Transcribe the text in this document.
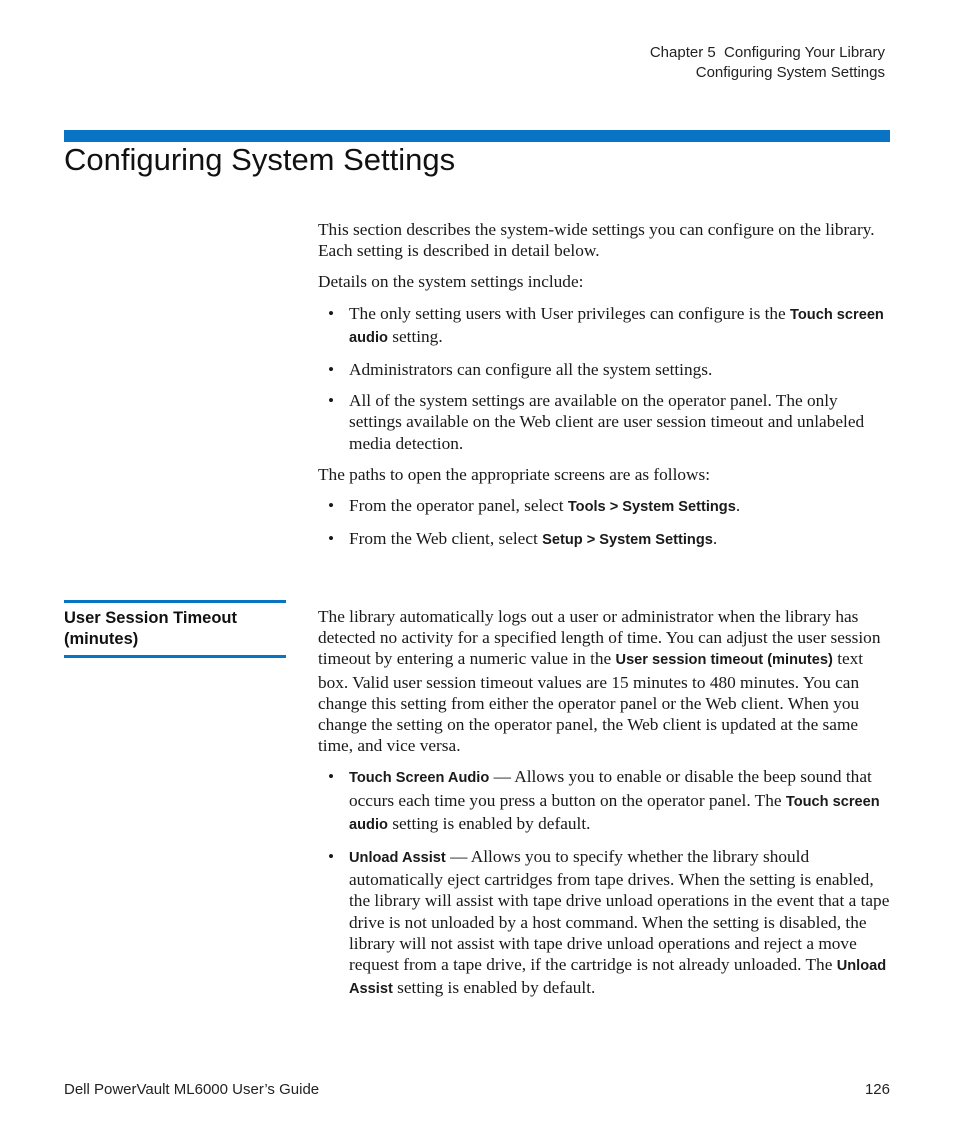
Chapter 5  Configuring Your Library
Configuring System Settings
Configuring System Settings

This section describes the system-wide settings you can configure on the library. Each setting is described in detail below.

Details on the system settings include:

• The only setting users with User privileges can configure is the Touch screen audio setting.
• Administrators can configure all the system settings.
• All of the system settings are available on the operator panel. The only settings available on the Web client are user session timeout and unlabeled media detection.

The paths to open the appropriate screens are as follows:

• From the operator panel, select Tools > System Settings.
• From the Web client, select Setup > System Settings.
User Session Timeout (minutes)

The library automatically logs out a user or administrator when the library has detected no activity for a specified length of time. You can adjust the user session timeout by entering a numeric value in the User session timeout (minutes) text box. Valid user session timeout values are 15 minutes to 480 minutes. You can change this setting from either the operator panel or the Web client. When you change the setting on the operator panel, the Web client is updated at the same time, and vice versa.

• Touch Screen Audio — Allows you to enable or disable the beep sound that occurs each time you press a button on the operator panel. The Touch screen audio setting is enabled by default.
• Unload Assist — Allows you to specify whether the library should automatically eject cartridges from tape drives. When the setting is enabled, the library will assist with tape drive unload operations in the event that a tape drive is not unloaded by a host command. When the setting is disabled, the library will not assist with tape drive unload operations and reject a move request from a tape drive, if the cartridge is not already unloaded. The Unload Assist setting is enabled by default.
Dell PowerVault ML6000 User’s Guide	126
